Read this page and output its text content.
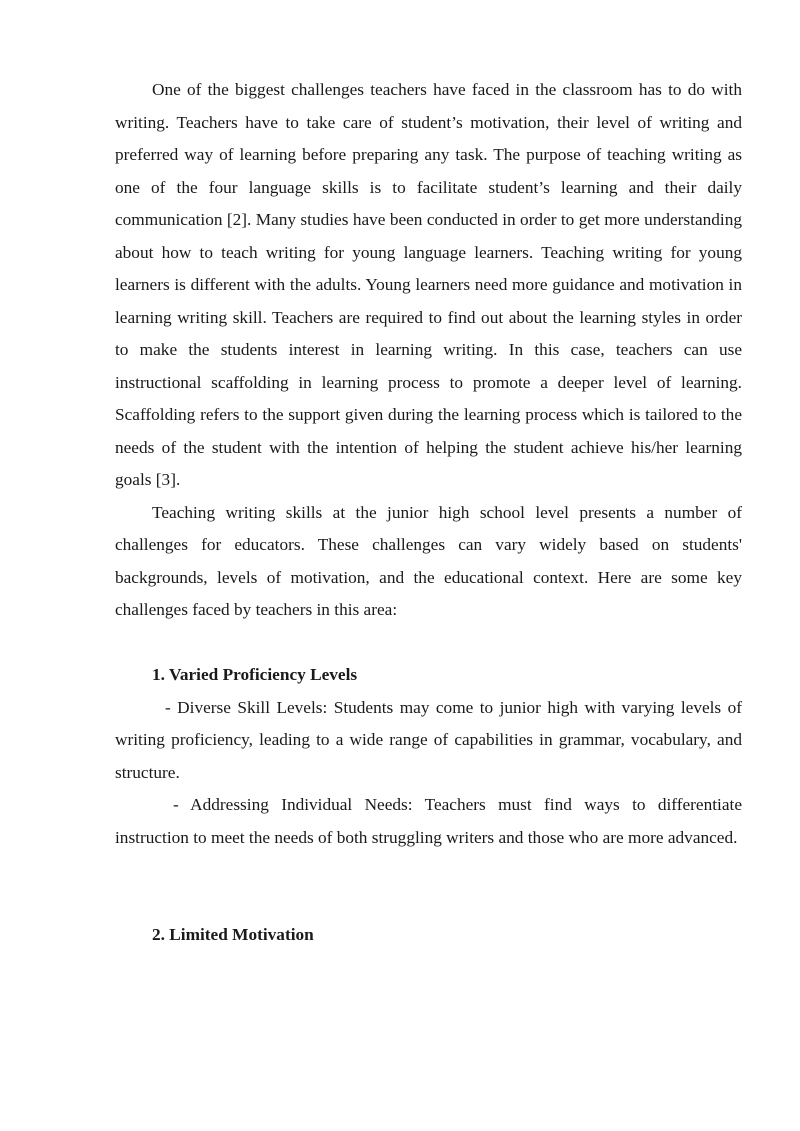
One of the biggest challenges teachers have faced in the classroom has to do with writing. Teachers have to take care of student’s motivation, their level of writing and preferred way of learning before preparing any task. The purpose of teaching writing as one of the four language skills is to facilitate student’s learning and their daily communication [2]. Many studies have been conducted in order to get more understanding about how to teach writing for young language learners. Teaching writing for young learners is different with the adults. Young learners need more guidance and motivation in learning writing skill. Teachers are required to find out about the learning styles in order to make the students interest in learning writing. In this case, teachers can use instructional scaffolding in learning process to promote a deeper level of learning. Scaffolding refers to the support given during the learning process which is tailored to the needs of the student with the intention of helping the student achieve his/her learning goals [3].

Teaching writing skills at the junior high school level presents a number of challenges for educators. These challenges can vary widely based on students' backgrounds, levels of motivation, and the educational context. Here are some key challenges faced by teachers in this area:

1. Varied Proficiency Levels

- Diverse Skill Levels: Students may come to junior high with varying levels of writing proficiency, leading to a wide range of capabilities in grammar, vocabulary, and structure.

- Addressing Individual Needs: Teachers must find ways to differentiate instruction to meet the needs of both struggling writers and those who are more advanced.

2. Limited Motivation
